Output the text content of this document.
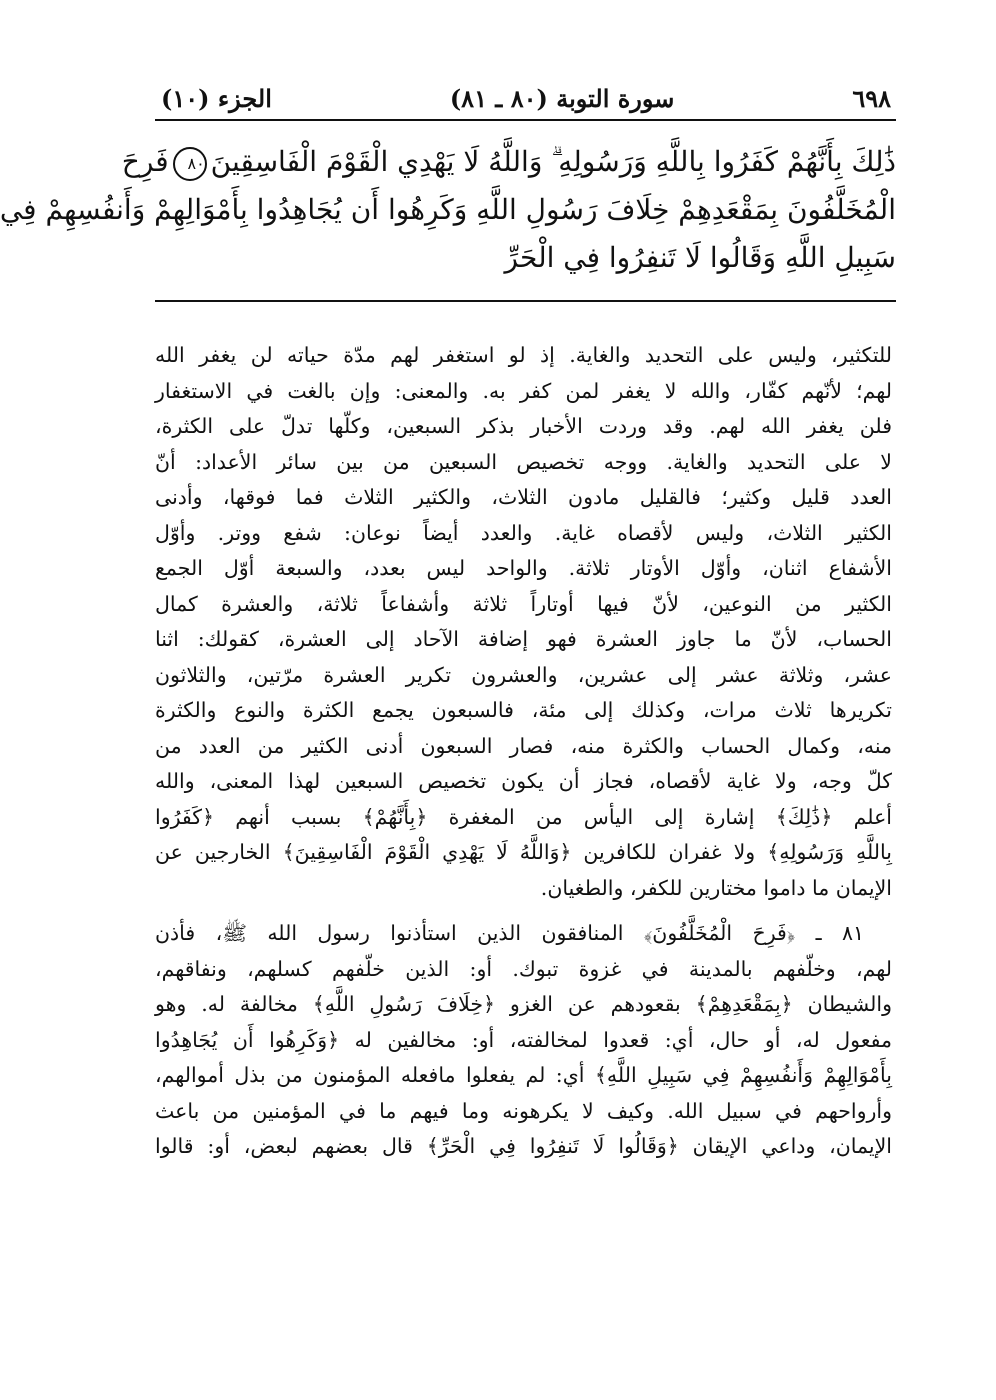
٦٩٨
سورة التوبة (٨٠ ـ ٨١)
الجزء (١٠)
ذَٰلِكَ بِأَنَّهُمْ كَفَرُوا بِاللَّهِ وَرَسُولِهِ ۗ وَاللَّهُ لَا يَهْدِي الْقَوْمَ الْفَاسِقِينَ٨٠فَرِحَ
الْمُخَلَّفُونَ بِمَقْعَدِهِمْ خِلَافَ رَسُولِ اللَّهِ وَكَرِهُوا أَن يُجَاهِدُوا بِأَمْوَالِهِمْ وَأَنفُسِهِمْ فِي
سَبِيلِ اللَّهِ وَقَالُوا لَا تَنفِرُوا فِي الْحَرِّ
للتكثير، وليس على التحديد والغاية. إذ لو استغفر لهم مدّة حياته لن يغفر الله
لهم؛ لأنّهم كفّار، والله لا يغفر لمن كفر به. والمعنى: وإن بالغت في الاستغفار
فلن يغفر الله لهم. وقد وردت الأخبار بذكر السبعين، وكلّها تدلّ على الكثرة،
لا على التحديد والغاية. ووجه تخصيص السبعين من بين سائر الأعداد: أنّ
العدد قليل وكثير؛ فالقليل مادون الثلاث، والكثير الثلاث فما فوقها، وأدنى
الكثير الثلاث، وليس لأقصاه غاية. والعدد أيضاً نوعان: شفع ووتر. وأوّل
الأشفاع اثنان، وأوّل الأوتار ثلاثة. والواحد ليس بعدد، والسبعة أوّل الجمع
الكثير من النوعين، لأنّ فيها أوتاراً ثلاثة وأشفاعاً ثلاثة، والعشرة كمال
الحساب، لأنّ ما جاوز العشرة فهو إضافة الآحاد إلى العشرة، كقولك: اثنا
عشر، وثلاثة عشر إلى عشرين، والعشرون تكرير العشرة مرّتين، والثلاثون
تكريرها ثلاث مرات، وكذلك إلى مئة، فالسبعون يجمع الكثرة والنوع والكثرة
منه، وكمال الحساب والكثرة منه، فصار السبعون أدنى الكثير من العدد من
كلّ وجه، ولا غاية لأقصاه، فجاز أن يكون تخصيص السبعين لهذا المعنى، والله
أعلم ﴿ذَٰلِكَ﴾ إشارة إلى اليأس من المغفرة ﴿بِأَنَّهُمْ﴾ بسبب أنهم ﴿كَفَرُوا
بِاللَّهِ وَرَسُولِهِ﴾ ولا غفران للكافرين ﴿وَاللَّهُ لَا يَهْدِي الْقَوْمَ الْفَاسِقِينَ﴾ الخارجين عن
الإيمان ما داموا مختارين للكفر، والطغيان.
٨١ ـ ﴿فَرِحَ الْمُخَلَّفُونَ﴾ المنافقون الذين استأذنوا رسول الله ﷺ، فأذن
لهم، وخلّفهم بالمدينة في غزوة تبوك. أو: الذين خلّفهم كسلهم، ونفاقهم،
والشيطان ﴿بِمَقْعَدِهِمْ﴾ بقعودهم عن الغزو ﴿خِلَافَ رَسُولِ اللَّهِ﴾ مخالفة له. وهو
مفعول له، أو حال، أي: قعدوا لمخالفته، أو: مخالفين له ﴿وَكَرِهُوا أَن يُجَاهِدُوا
بِأَمْوَالِهِمْ وَأَنفُسِهِمْ فِي سَبِيلِ اللَّهِ﴾ أي: لم يفعلوا مافعله المؤمنون من بذل أموالهم،
وأرواحهم في سبيل الله. وكيف لا يكرهونه وما فيهم ما في المؤمنين من باعث
الإيمان، وداعي الإيقان ﴿وَقَالُوا لَا تَنفِرُوا فِي الْحَرِّ﴾ قال بعضهم لبعض، أو: قالوا
